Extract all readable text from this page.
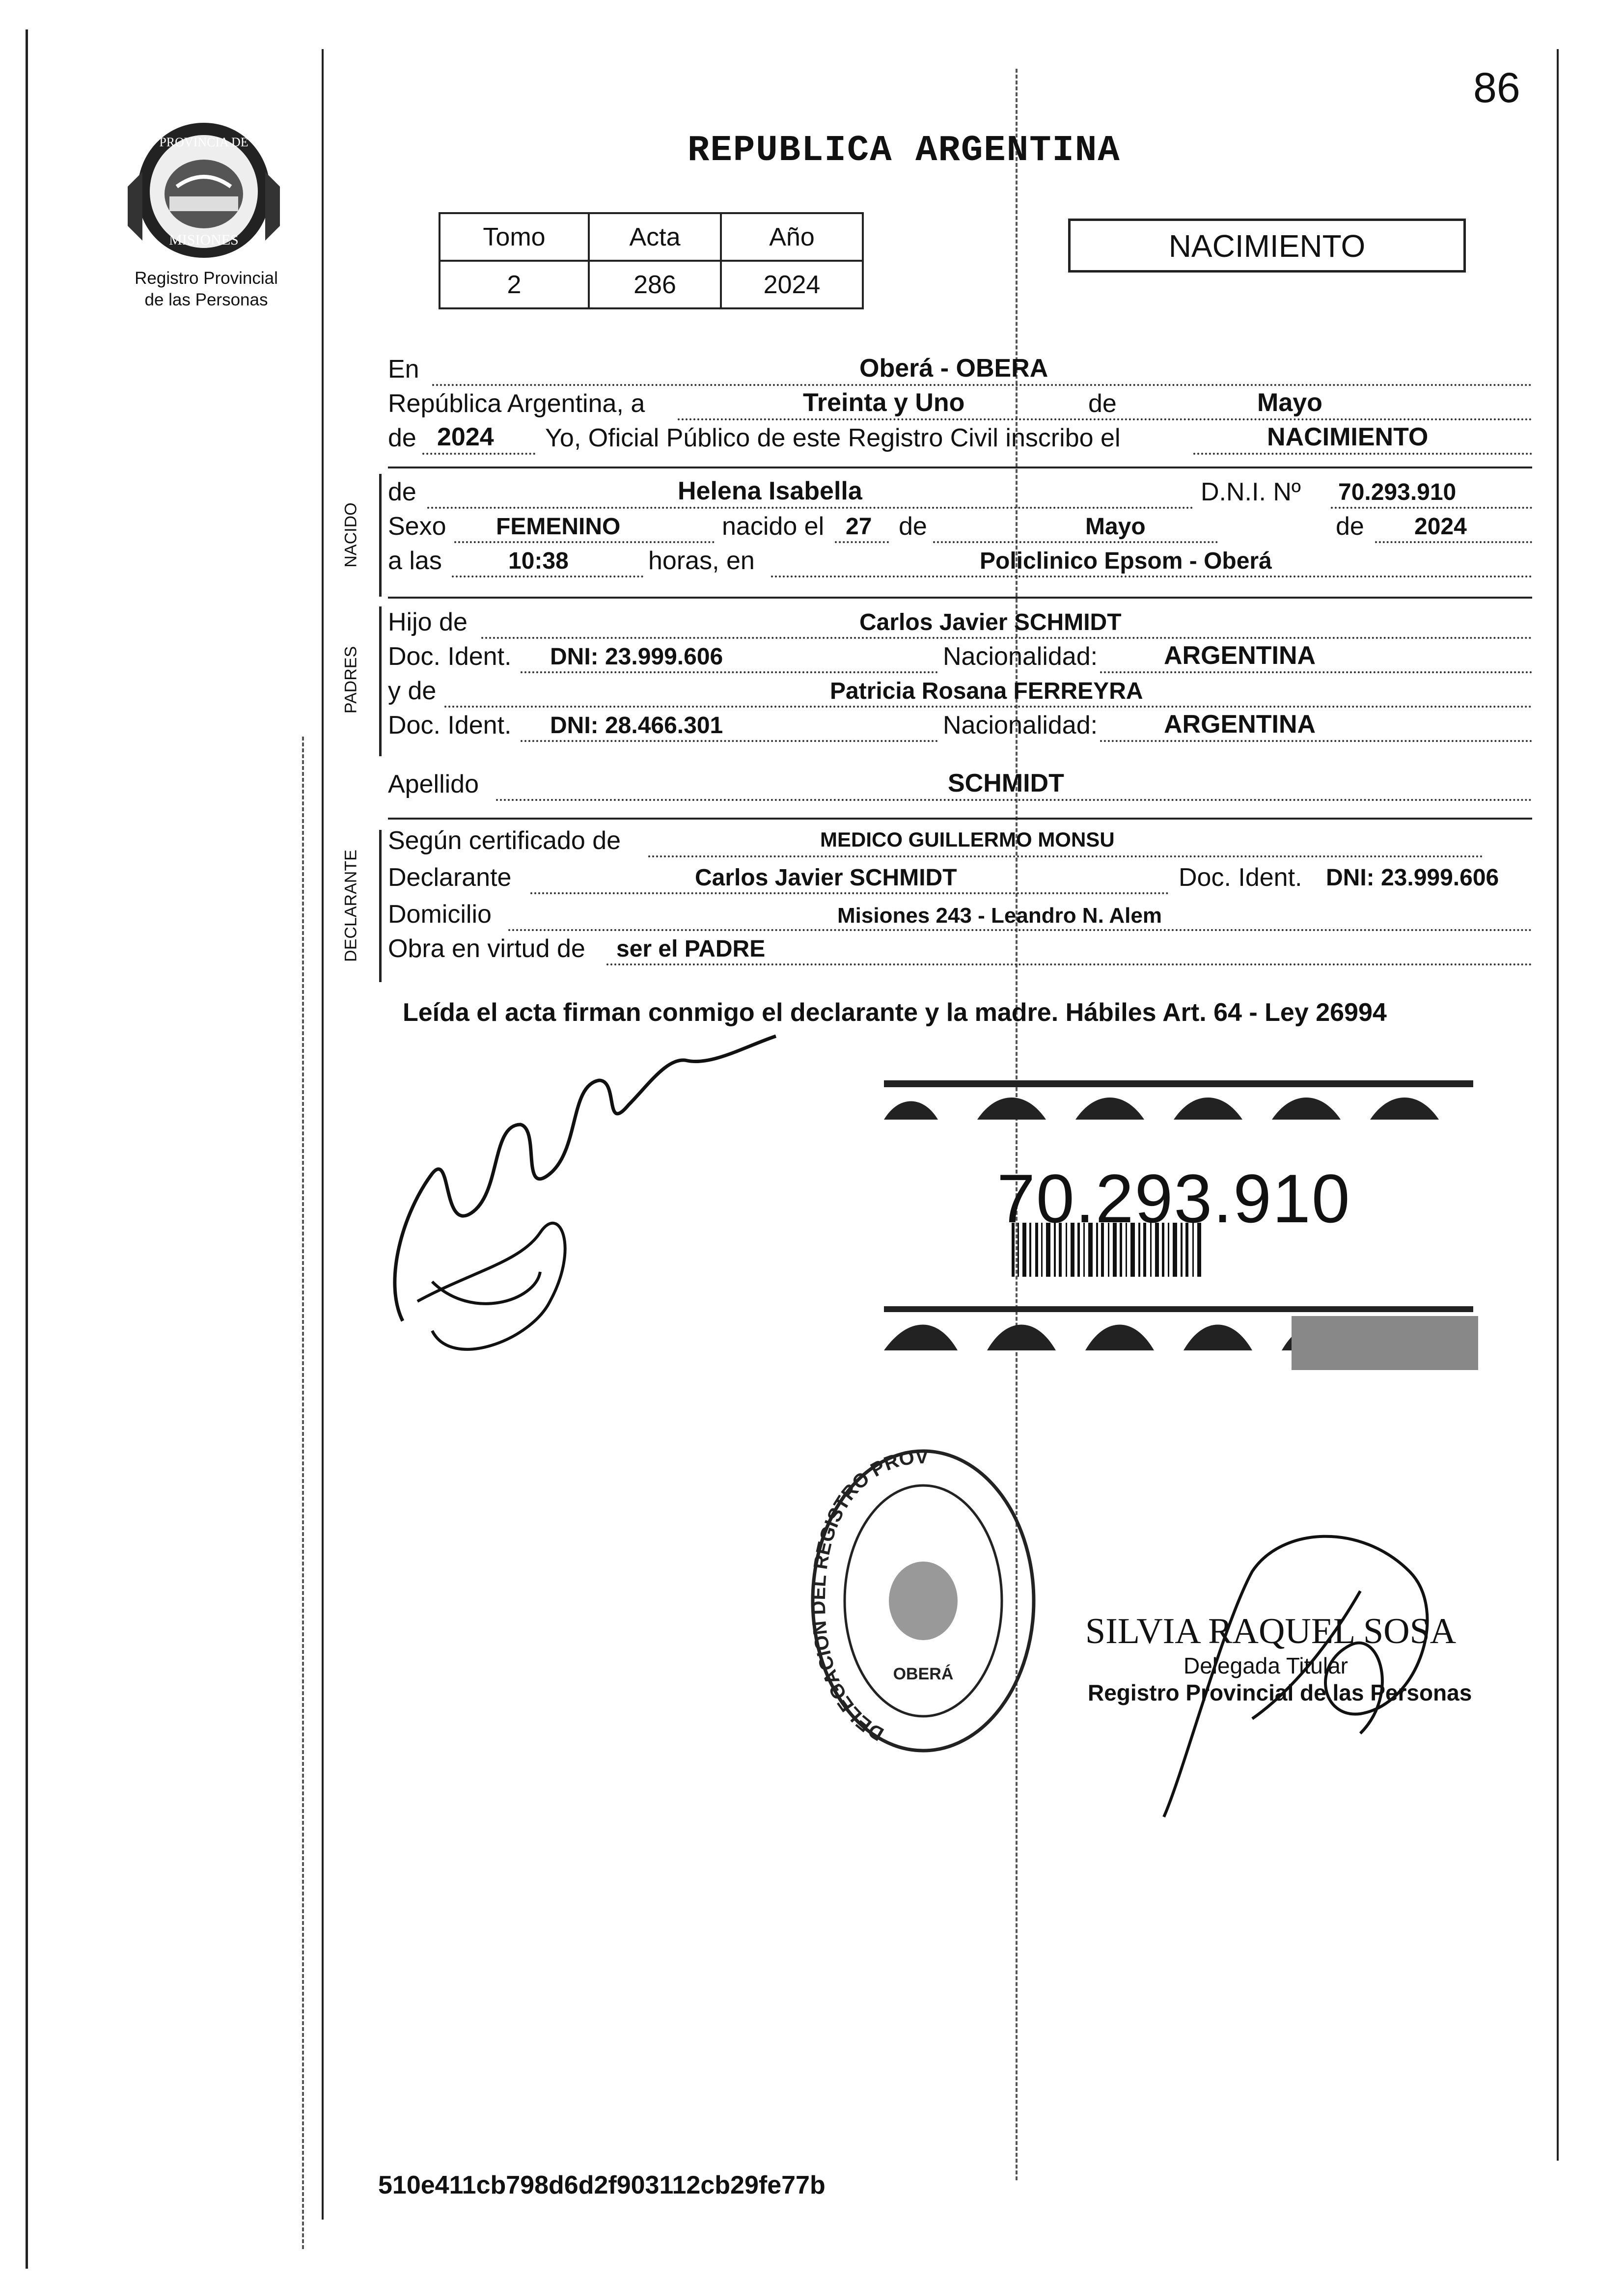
86
REPUBLICA ARGENTINA
PROVINCIA DE
MISIONES
Registro Provincial
de las Personas
Tomo	Acta	Año
2	286	2024
NACIMIENTO
En	Oberá - OBERA
República Argentina, a	Treinta y Uno	de	Mayo
de 2024 Yo, Oficial Público de este Registro Civil inscribo el	NACIMIENTO
NACIDO
de	Helena Isabella	D.N.I. Nº 70.293.910
Sexo FEMENINO	nacido el 27 de	Mayo	de 2024
a las	10:38	horas, en	Policlinico Epsom - Oberá
PADRES
Hijo de	Carlos Javier SCHMIDT
Doc. Ident. DNI: 23.999.606	Nacionalidad:	ARGENTINA
y de	Patricia Rosana FERREYRA
Doc. Ident. DNI: 28.466.301	Nacionalidad:	ARGENTINA
Apellido	SCHMIDT
DECLARANTE
Según certificado de	MEDICO GUILLERMO MONSU
Declarante	Carlos Javier SCHMIDT	Doc. Ident. DNI: 23.999.606
Domicilio	Misiones 243 - Leandro N. Alem
Obra en virtud de ser el PADRE
Leída el acta firman conmigo el declarante y la madre. Hábiles Art. 64 - Ley 26994
70.293.910
DELEGACION DEL REGISTRO PROV
OBERÁ
SILVIA RAQUEL SOSA
Delegada Titular
Registro Provincial de las Personas
510e411cb798d6d2f903112cb29fe77b
